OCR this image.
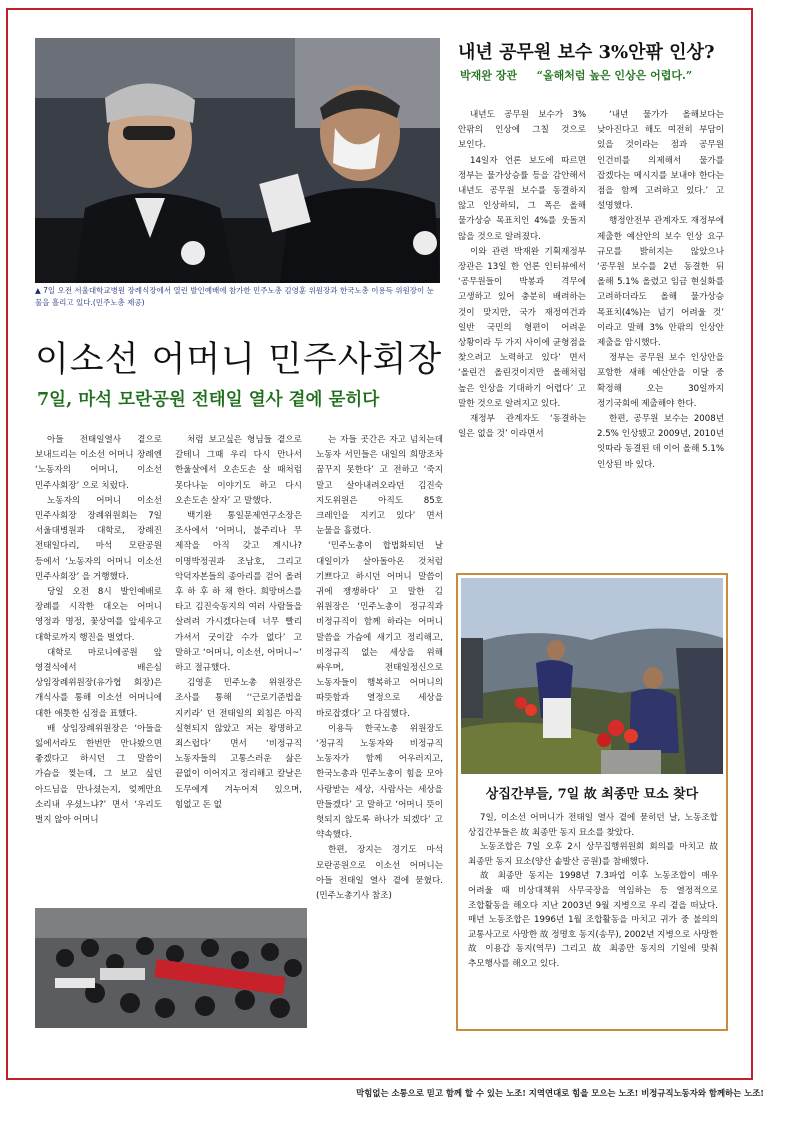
▲ 7일 오전 서울대학교병원 장례식장에서 열린 발인예배에 참가한 민주노총 김영훈 위원장과 한국노총 이용득 위원장이 눈물을 흘리고 있다.(민주노총 제공)
이소선 어머니 민주사회장
7일, 마석 모란공원 전태일 열사 곁에 묻히다

아들 전태일열사 곁으로 보내드리는 이소선 어머니 장례엔 ‘노동자의 어머니, 이소선 민주사회장’ 으로 치렀다.

노동자의 어머니 이소선 민주사회장 장례위원회는 7일 서울대병원과 대학로, 장례진 전태일다리, 마석 모란공원 등에서 ‘노동자의 어머니 이소선 민주사회장’ 을 거행했다.

당일 오전 8시 발인예배로 장례를 시작한 대오는 어머니 영정과 명정, 꽃상여를 앞세우고 대학로까지 행진을 벌였다.

대학로 마로니에공원 앞 영결식에서 배은심 상임장례위원장(유가협 회장)은 개식사를 통해 이소선 어머니에 대한 애틋한 심정을 표했다.

배 상임장례위원장은 ‘아들을 잃에서라도 한번만 만나봤으면 좋겠다고 하시던 그 말씀이 가슴을 찢는데, 그 보고 싶던 아드님을 만나셨는지, 엊께만요 소리내 우셨느냐?’ 면서 ‘우리도 벌지 않아 어머니

처럼 보고싶은 형님들 곁으로 갈테니 그때 우리 다시 만나서 한울살에서 오손도손 살 때처럼 못다나눈 이야기도 하고 다시 오손도손 살자’ 고 말했다.

백기완 통일문제연구소장은 조사에서 ‘어머니, 불주리나 무 제작을 아직 갖고 계시나? 이명박정권과 조남호, 그리고 악덕자본들의 종아리를 걷어 올려 후 하 후 하 채 한다. 희망버스를 타고 김진숙동지의 여러 사람들을 살려려 가시겠다는데 너무 빨리 가셔서 굿이갈 수가 없다’ 고 말하고 ‘어머니, 이소선, 어머니~’ 하고 절규했다.

김영훈 민주노총 위원장은 조사를 통해 ‘‘근로기준법을 지키라’ 던 전태일의 외침은 아직 실현되지 않았고 저는 왕명하고 죄스럽다’ 면서 ‘비정규직 노동자들의 고통스러운 삶은 끝없이 이어지고 정리해고 칼날은 도무에게 겨누어져 있으며, 힘없고 돈 없

는 자들 곳간은 자고 넘치는데 노동자 서민들은 내일의 희망조차 꿈꾸지 못한다’ 고 전하고 ‘죽지 말고 살아내려오라던 김진숙 지도위원은 아직도 85호 크레인을 지키고 있다’ 면서 눈물을 흘렸다.

‘민주노총이 합법화되던 날 대일이가 살아돌아온 것처럼 기쁘다고 하시던 어머니 말씀이 귀에 쟁쟁하다’ 고 말한 김 위원장은 ‘민주노총이 정규직과 비정규직이 함께 하라는 어머니 말씀을 가슴에 새기고 정리해고, 비정규직 없는 세상을 위해 싸우며, 전태일정신으로 노동자들이 행복하고 어머니의 따뜻함과 열정으로 세상을 바로잡겠다’ 고 다짐했다.

이용득 한국노총 위원장도 ‘정규직 노동자와 비정규직 노동자가 함께 어우러지고, 한국노총과 민주노총이 힘을 모아 사랑받는 세상, 사람사는 세상을 만들겠다’ 고 말하고 ‘어머니 뜻이 헛되지 않도록 하나가 되겠다’ 고 약속했다.

한편, 장지는 경기도 마석 모란공원으로 이소선 어머니는 아들 전태일 열사 곁에 묻혔다.(민주노총기사 참조)

내년 공무원 보수 3%안팎 인상?
박재완 장관 “올해처럼 높은 인상은 어렵다.”

내년도 공무원 보수가 3% 안팎의 인상에 그칠 것으로 보인다.

14일자 언론 보도에 따르면 정부는 물가상승률 등을 감안해서 내년도 공무원 보수를 동결하지 않고 인상하되, 그 폭은 올해 물가상승 목표치인 4%를 웃돌지 않을 것으로 알려졌다.

이와 관련 박재완 기획재정부 장관은 13일 한 언론 인터뷰에서 ‘공무원들이 박봉과 격무에 고생하고 있어 충분히 배려하는 것이 맞지만, 국가 재정여건과 일반 국민의 형편이 어려운 상황이라 두 가지 사이에 균형점을 찾으려고 노력하고 있다’ 면서 ‘올린건 올린것이지만 올해처럼 높은 인상을 기대하기 어렵다’ 고 말한 것으로 알려지고 있다.

재정부 관계자도 ‘동결하는 일은 없을 것’ 이라면서

‘내년 물가가 올해보다는 낮아진다고 해도 여전히 부담이 있을 것이라는 점과 공무원 인건비를 의제해서 물가를 잡겠다는 메시지를 보내야 한다는 점을 함께 고려하고 있다.’ 고 설명했다.

행정안전부 관계자도 재정부에 제출한 예산안의 보수 인상 요구 규모를 밝히지는 않았으나 ‘공무원 보수를 2년 동결한 뒤 올해 5.1% 올렸고 임금 현실화를 고려하더라도 올해 물가상승 목표치(4%)는 넘기 어려울 것’ 이라고 말해 3% 안팎의 인상안 제출을 암시했다.

정부는 공무원 보수 인상안을 포함한 새해 예산안을 이달 중 확정해 오는 30일까지 정기국회에 제출해야 한다.

한편, 공무원 보수는 2008년 2.5% 인상됐고 2009년, 2010년 잇따라 동결된 데 이어 올해 5.1% 인상된 바 있다.

상집간부들, 7일 故 최종만 묘소 찾다

7일, 이소선 어머니가 전태일 열사 곁에 묻히던 날, 노동조합 상집간부들은 故 최종만 동지 묘소를 찾았다.

노동조합은 7일 오후 2시 상무집행위원회 회의를 마치고 故 최종만 동지 묘소(양산 솥발산 공원)를 참배했다.

故 최종만 동지는 1998년 7.3파업 이후 노동조합이 매우 어려울 때 비상대책위 사무국장을 역임하는 등 열정적으로 조합활동을 해오다 지난 2003년 9월 지병으로 우리 곁을 떠났다. 매년 노동조합은 1996년 1월 조합활동을 마치고 귀가 중 불의의 교통사고로 사망한 故 정명호 동지(송무), 2002년 지병으로 사망한 故 이용갑 동지(역무) 그리고 故 최종만 동지의 기일에 맞춰 추모행사를 해오고 있다.

막힘없는 소통으로 믿고 함께 할 수 있는 노조! 지역연대로 힘을 모으는 노조! 비정규직노동자와 함께하는 노조!
